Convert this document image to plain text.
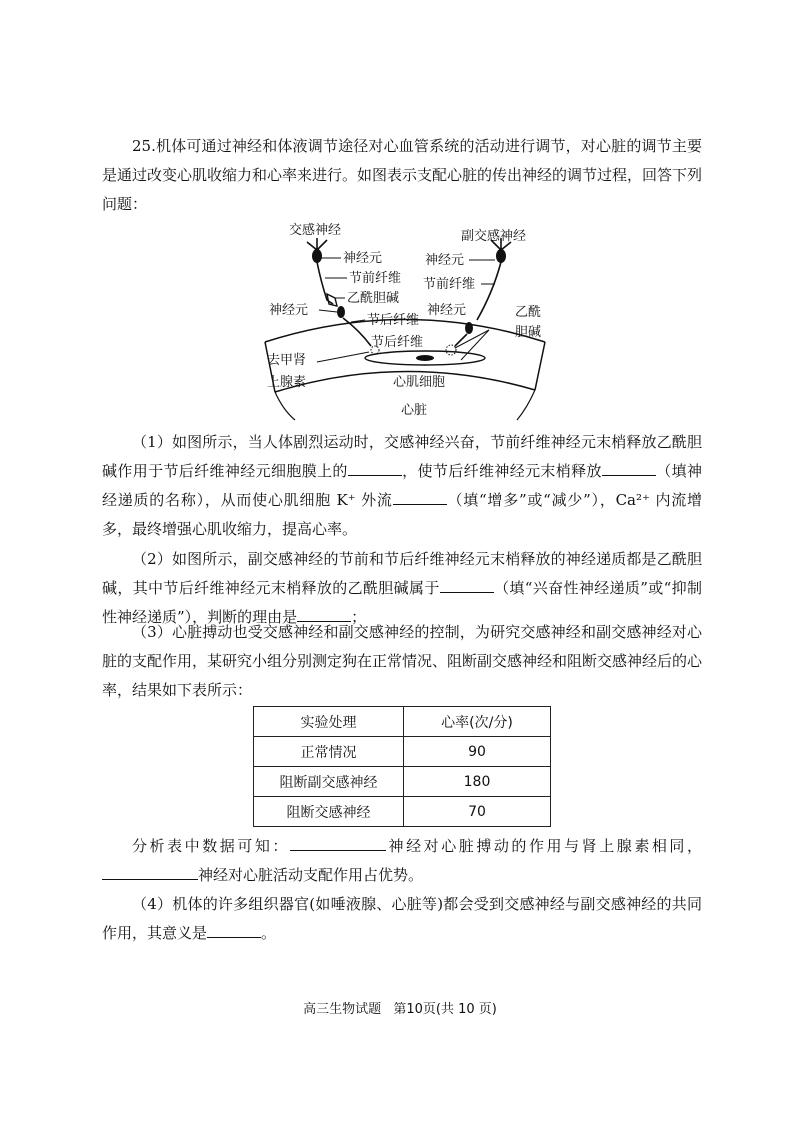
25.机体可通过神经和体液调节途径对心血管系统的活动进行调节，对心脏的调节主要是通过改变心肌收缩力和心率来进行。如图表示支配心脏的传出神经的调节过程，回答下列问题：

交感神经
神经元
节前纤维
乙酰胆碱
神经元
节后纤维
节后纤维
去甲肾
上腺素	心肌细胞
心脏
副交感神经
神经元
节前纤维
神经元	乙酰
胆碱

（1）如图所示，当人体剧烈运动时，交感神经兴奋，节前纤维神经元末梢释放乙酰胆碱作用于节后纤维神经元细胞膜上的	，使节后纤维神经元末梢释放	（填神经递质的名称），从而使心肌细胞 K⁺ 外流	（填“增多”或“减少”），Ca²⁺ 内流增多，最终增强心肌收缩力，提高心率。

（2）如图所示，副交感神经的节前和节后纤维神经元末梢释放的神经递质都是乙酰胆碱，其中节后纤维神经元末梢释放的乙酰胆碱属于	（填“兴奋性神经递质”或“抑制性神经递质”），判断的理由是	；

（3）心脏搏动也受交感神经和副交感神经的控制，为研究交感神经和副交感神经对心脏的支配作用，某研究小组分别测定狗在正常情况、阻断副交感神经和阻断交感神经后的心率，结果如下表所示：

实验处理	心率(次/分)
正常情况	90
阻断副交感神经	180
阻断交感神经	70

分析表中数据可知：	神经对心脏搏动的作用与肾上腺素相同，神经对心脏活动支配作用占优势。

（4）机体的许多组织器官(如唾液腺、心脏等)都会受到交感神经与副交感神经的共同作用，其意义是	。

高三生物试题 第10页(共 10 页)
